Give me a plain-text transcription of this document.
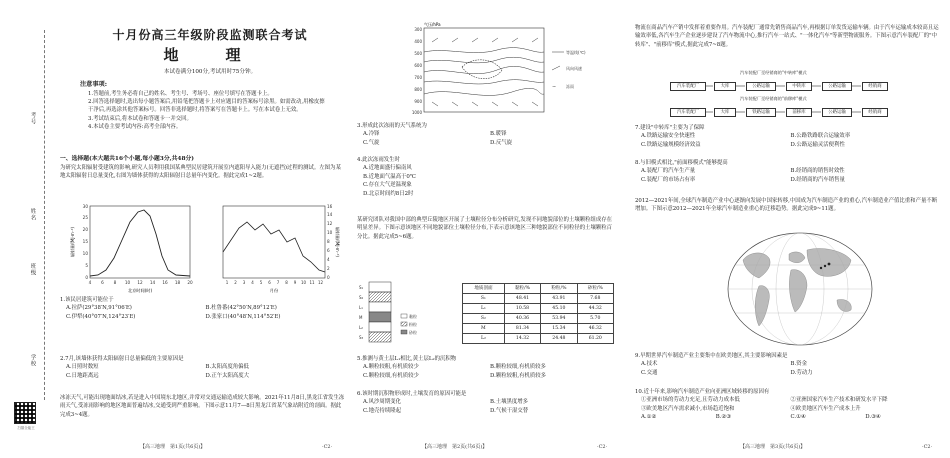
考号
姓名
班级
学校
扫描全能王
十月份高三年级阶段监测联合考试
地　理
本试卷满分100分,考试用时75分钟。
注意事项:
1.答题前,考生务必将自己的姓名、考生号、考场号、座位号填写在答题卡上。
2.回答选择题时,选出每小题答案后,用铅笔把答题卡上对应题目的答案标号涂黑。如需改动,用橡皮擦干净后,再选涂其他答案标号。回答非选择题时,将答案写在答题卡上。写在本试卷上无效。
3.考试结束后,将本试卷和答题卡一并交回。
4.本试卷主要考试内容:高考全部内容。
一、选择题(本大题共16个小题,每小题3分,共48分)
为研究太阳辐射受建筑的影响,研究人员利用我国某典型民居建筑开展室内遮阳导入能力(无遮挡)过程的测试。左图为某地太阳辐射日总量变化,右图为墙体获得的太阳辐射日总量年内变化。据此完成1~2题。
0
5
10
15
20
25
30
4 6 8 10 12 14 16 18 20
北京时间(时)
辐射量/(MJ·m⁻²)
0
2
4
6
8
10
12
14
16
1 2 3 4 5 6 7 8 9 10 11 12
月份
辐射量/(MJ·m⁻²)
1.该民居建筑可能位于
A.拉萨(29°38′N,91°06′E)	B.杜鲁番(42°50′N,89°12′E)
C.伊犁(40°07′N,124°23′E)	D.张家口(40°48′N,114°52′E)
2.7月,该墙体获得太阳辐射日总量偏低的主要原因是
A.日照时数短	B.太阳高度角偏低
C.日地距离远	D.正午太阳高度大
冰冻天气,可能出现地面结冰,若是进入中国境东北地区,并常对交通运输造成较大影响。2021年11月8日,黑龙江省发生冻雨天气,受冻雨影响的地区地面普遍结冰,交通受到严重影响。下图示意11月7—8日黑龙江省某气象站附近的剖面。据此完成3~4题。
【高三地理　第1页(共6页)】	·C2·
300
400
500
600
700
800
900
1000
气压/hPa
等温线(℃)
风向风速
∽ 冻雨
3.形成此次冻雨的天气系统为
A.冷锋	B.暖锋
C.气旋	D.反气旋
4.此次冻雨发生时
A.近地面盛行偏南风
B.近地面气温高于0℃
C.存在大气逆温现象
D.北京时间约8日2时
某研究团队对我国中部的典型丘陵地区开展了土壤粒径分布分析研究,发现不同地貌部位的土壤颗粒组成存在明显差异。下图示意该地区不同地貌部位土壤粒径分布,下表示意该地区三种地貌部位不同粒径的土壤颗粒百分比。据此完成5~6题。
S₁
S₂
L₁
M
L₂
S₃
黏粒
粉粒
砂粒
地质剖面	黏粒/%	粉粒/%	砂粒/%
S₁	48.41	43.91	7.68
L₁	10.58	45.10	44.32
S₂	40.36	53.94	5.70
M	81.34	15.34	46.32
L₂	14.32	24.48	61.20
5.推测与黄土层L₁相比,黄土层L₂的沉积物
A.颗粒较粗,有机质较少	B.颗粒较细,有机质较多
C.颗粒较细,有机质较少	D.颗粒较粗,有机质较多
6.该时期沉积物形成时,土壤发育的原因可能是
A.风沙周期变化	B.土壤黑度增多
C.地壳持续隆起	D.气候干湿交替
【高三地理　第2页(共6页)】	·C2·
物流在商品汽车产销中发挥着重要作用。汽车装配厂通常先销售商品汽车,再根据订单发货运输车辆。由于汽车运输成本较高且运输效率低,各汽车生产企业逐步建设了汽车物流中心,推行汽车一站式、"一体化汽车"等新型物流服务。下图示意汽车装配厂的"中转库"、"前移库"模式,据此完成7~8题。
汽车装配厂至经销商的"中转库"模式
汽车装配厂	大库	公路运输	中转库	公路运输	经销商
汽车装配厂至经销商的"前移库"模式
汽车装配厂	大库	铁路运输	前移库	公路运输	经销商
7.建设"中转库"主要为了保障
A.铁路运输安全快速性	B.公路铁路联合运输效率
C.铁路运输规模经济效益	D.公路运输灵活便利性
8.与旧模式相比,"前面移模式"能够提高
A.装配厂的汽车生产量	B.经销商的销售时效性
C.装配厂的市场占有率	D.经销商的汽车销售量
2012—2021年间,全球汽车制造产业中心逐渐向发展中国家转移,中国成为汽车制造产业的重心,汽车制造业产值比重和产量不断增加。下图示意2012—2021年全球汽车制造业重心的迁移趋势。据此完成9~11题。
9.早期世界汽车制造产业主要集中在欧美地区,其主要影响因素是
A.技术	B.资金
C.交通	D.劳动力
10.近十年来,影响汽车制造产业向亚洲区域转移的原因有
①亚洲市场的劳动力充足,且劳动力成本低	②亚洲国家汽车生产技术和研发水平下降
③欧美地区汽车需求减小,市场趋近饱和	④欧美地区汽车生产成本上升
A.①②	B.②③	C.①④	D.③④
【高三地理　第3页(共6页)】	·C2·
